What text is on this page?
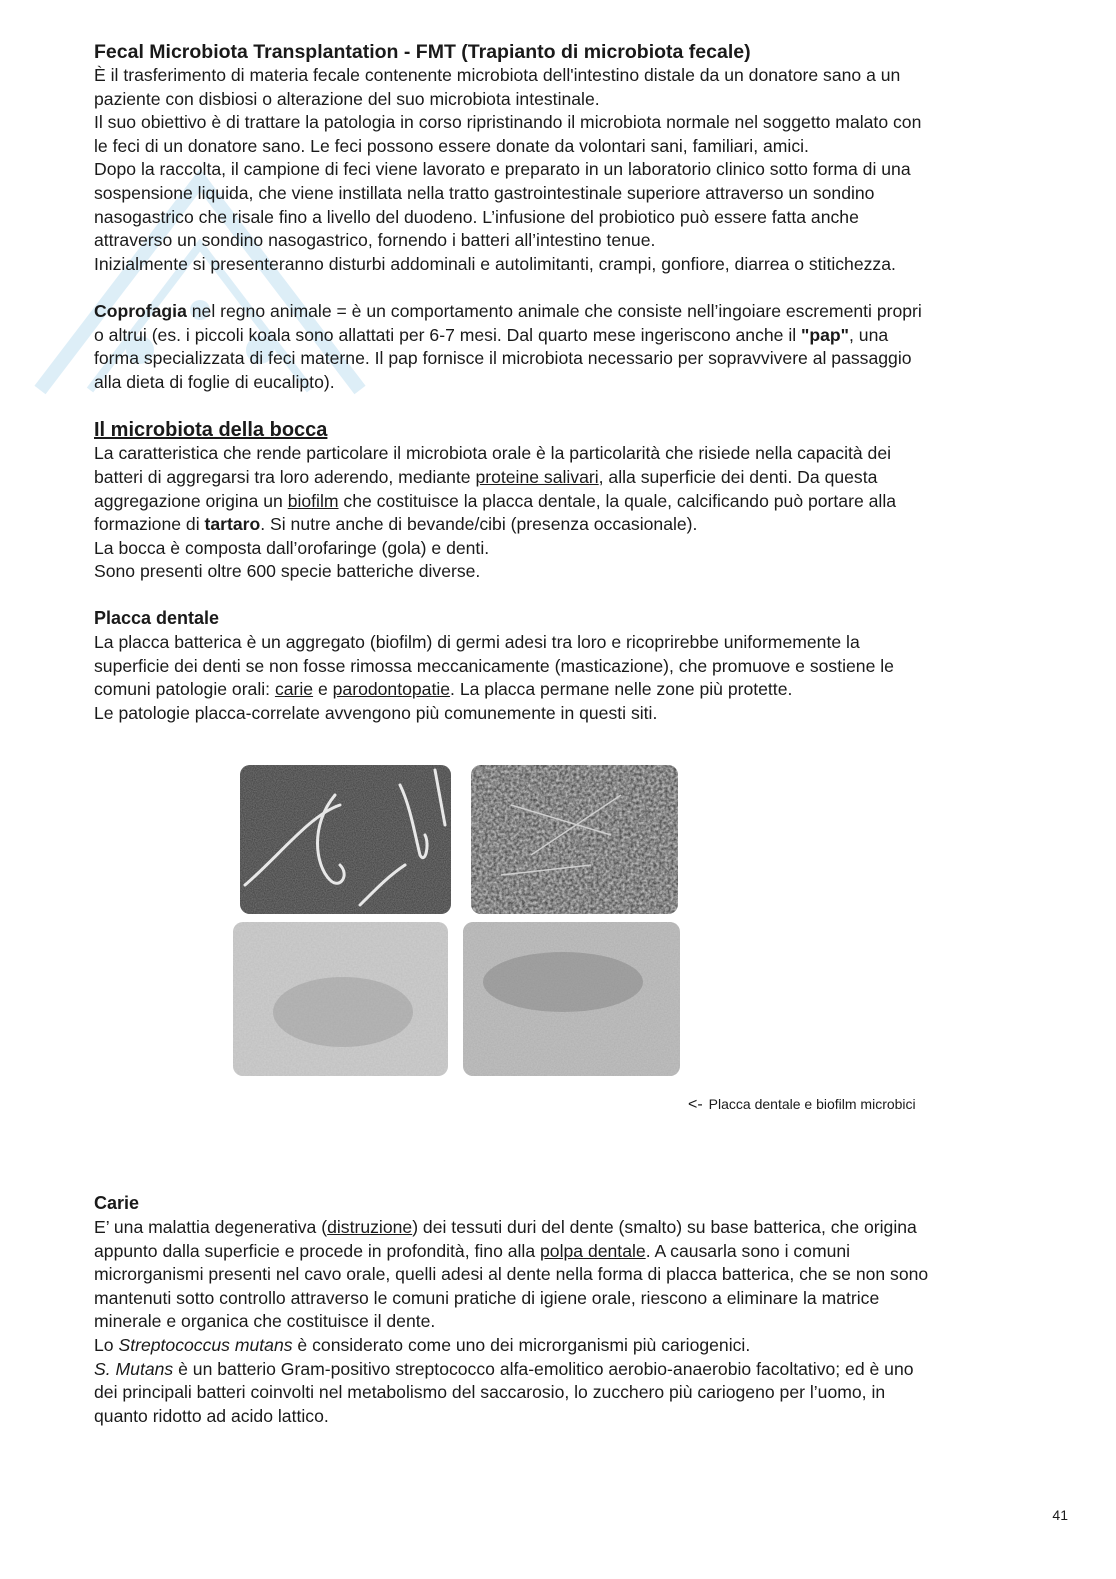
Fecal Microbiota Transplantation - FMT (Trapianto di microbiota fecale)

È il trasferimento di materia fecale contenente microbiota dell'intestino distale da un donatore sano a un

paziente con disbiosi o alterazione del suo microbiota intestinale.

Il suo obiettivo è di trattare la patologia in corso ripristinando il microbiota normale nel soggetto malato con

le feci di un donatore sano. Le feci possono essere donate da volontari sani, familiari, amici.

Dopo la raccolta, il campione di feci viene lavorato e preparato in un laboratorio clinico sotto forma di una

sospensione liquida, che viene instillata nella tratto gastrointestinale superiore attraverso un sondino

nasogastrico che risale fino a livello del duodeno. L’infusione del probiotico può essere fatta anche

attraverso un sondino nasogastrico, fornendo i batteri all’intestino tenue.

Inizialmente si presenteranno disturbi addominali e autolimitanti, crampi, gonfiore, diarrea o stitichezza.

Coprofagia nel regno animale = è un comportamento animale che consiste nell’ingoiare escrementi propri

o altrui (es. i piccoli koala sono allattati per 6-7 mesi. Dal quarto mese ingeriscono anche il "pap", una

forma specializzata di feci materne. Il pap fornisce il microbiota necessario per sopravvivere al passaggio

alla dieta di foglie di eucalipto).

Il microbiota della bocca

La caratteristica che rende particolare il microbiota orale è la particolarità che risiede nella capacità dei

batteri di aggregarsi tra loro aderendo, mediante proteine salivari, alla superficie dei denti. Da questa

aggregazione origina un biofilm che costituisce la placca dentale, la quale, calcificando può portare alla

formazione di tartaro. Si nutre anche di bevande/cibi (presenza occasionale).

La bocca è composta dall’orofaringe (gola) e denti.

Sono presenti oltre 600 specie batteriche diverse.

Placca dentale

La placca batterica è un aggregato (biofilm) di germi adesi tra loro e ricoprirebbe uniformemente la

superficie dei denti se non fosse rimossa meccanicamente (masticazione), che promuove e sostiene le

comuni patologie orali: carie e parodontopatie. La placca permane nelle zone più protette.

Le patologie placca-correlate avvengono più comunemente in questi siti.

<- Placca dentale e biofilm microbici

Carie

E’ una malattia degenerativa (distruzione) dei tessuti duri del dente (smalto) su base batterica, che origina

appunto dalla superficie e procede in profondità, fino alla polpa dentale. A causarla sono i comuni

microrganismi presenti nel cavo orale, quelli adesi al dente nella forma di placca batterica, che se non sono

mantenuti sotto controllo attraverso le comuni pratiche di igiene orale, riescono a eliminare la matrice

minerale e organica che costituisce il dente.

Lo Streptococcus mutans è considerato come uno dei microrganismi più cariogenici.

S. Mutans è un batterio Gram-positivo streptococco alfa-emolitico aerobio-anaerobio facoltativo; ed è uno

dei principali batteri coinvolti nel metabolismo del saccarosio, lo zucchero più cariogeno per l’uomo, in

quanto ridotto ad acido lattico.

41
